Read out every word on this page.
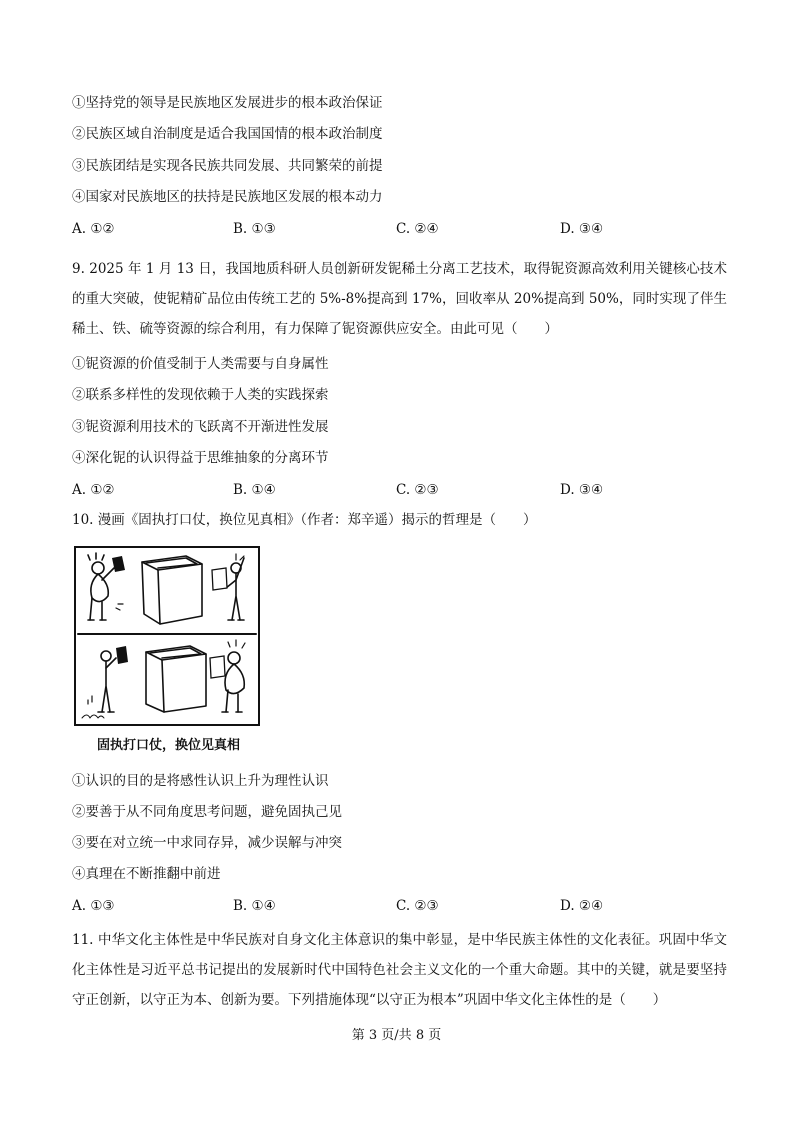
①坚持党的领导是民族地区发展进步的根本政治保证
②民族区域自治制度是适合我国国情的根本政治制度
③民族团结是实现各民族共同发展、共同繁荣的前提
④国家对民族地区的扶持是民族地区发展的根本动力
A. ①②	B. ①③	C. ②④	D. ③④
9. 2025 年 1 月 13 日，我国地质科研人员创新研发铌稀土分离工艺技术，取得铌资源高效利用关键核心技术的重大突破，使铌精矿品位由传统工艺的 5%-8%提高到 17%，回收率从 20%提高到 50%，同时实现了伴生稀土、铁、硫等资源的综合利用，有力保障了铌资源供应安全。由此可见（　　）
①铌资源的价值受制于人类需要与自身属性
②联系多样性的发现依赖于人类的实践探索
③铌资源利用技术的飞跃离不开渐进性发展
④深化铌的认识得益于思维抽象的分离环节
A. ①②	B. ①④	C. ②③	D. ③④
10. 漫画《固执打口仗，换位见真相》（作者：郑辛遥）揭示的哲理是（　　）
固执打口仗，换位见真相
①认识的目的是将感性认识上升为理性认识
②要善于从不同角度思考问题，避免固执己见
③要在对立统一中求同存异，减少误解与冲突
④真理在不断推翻中前进
A. ①③	B. ①④	C. ②③	D. ②④
11. 中华文化主体性是中华民族对自身文化主体意识的集中彰显，是中华民族主体性的文化表征。巩固中华文化主体性是习近平总书记提出的发展新时代中国特色社会主义文化的一个重大命题。其中的关键，就是要坚持守正创新，以守正为本、创新为要。下列措施体现“以守正为根本”巩固中华文化主体性的是（　　）
第 3 页/共 8 页
